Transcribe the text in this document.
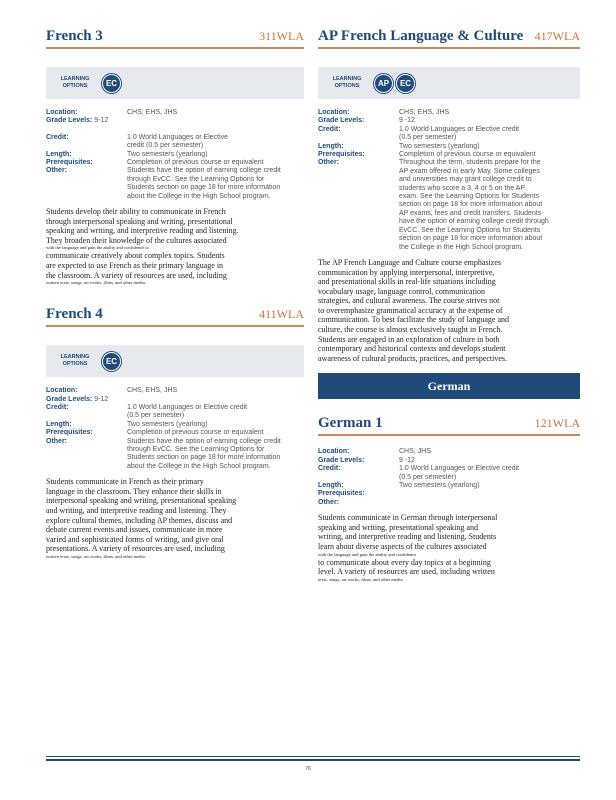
French 3	311WLA
LEARNING OPTIONS	EC
Location:	CHS, EHS, JHS
Grade Levels: 9-12
Credit:	1.0 World Languages or Elective
credit (0.5 per semester)
Length:	Two semesters (yearlong)
Prerequisites:	Completion of previous course or equivalent
Other:	Students have the option of earning college credit
through EvCC. See the Learning Options for
Students section on page 18 for more information
about the College in the High School program.
Students develop their ability to communicate in French
through interpersonal speaking and writing, presentational
speaking and writing, and interpretive reading and listening.
They broaden their knowledge of the cultures associated
with the language and gain the ability and confidence to
communicate creatively about complex topics. Students
are expected to use French as their primary language in
the classroom. A variety of resources are used, including
written texts, songs, art works, films, and other media.
French 4	411WLA
LEARNING OPTIONS	EC
Location:	CHS, EHS, JHS
Grade Levels: 9-12
Credit:	1.0 World Languages or Elective credit
(0.5 per semester)
Length:	Two semesters (yearlong)
Prerequisites:	Completion of previous course or equivalent
Other:	Students have the option of earning college credit
through EvCC. See the Learning Options for
Students section on page 18 for more information
about the College in the High School program.
Students communicate in French as their primary
language in the classroom. They enhance their skills in
interpersonal speaking and writing, presentational speaking
and writing, and interpretive reading and listening. They
explore cultural themes, including AP themes, discuss and
debate current events and issues, communicate in more
varied and sophisticated forms of writing, and give oral
presentations. A variety of resources are used, including
written texts, songs, art works, films, and other media.
AP French Language & Culture 417WLA
LEARNING OPTIONS	AP	EC
Location:	CHS, EHS, JHS
Grade Levels:	9 -12
Credit:	1.0 World Languages or Elective credit
(0.5 per semester)
Length:	Two semesters (yearlong)
Prerequisites:	Completion of previous course or equivalent
Other:	Throughout the term, students prepare for the
AP exam offered in early May. Some colleges
and universities may grant college credit to
students who score a 3, 4 or 5 on the AP
exam. See the Learning Options for Students
section on page 18 for more information about
AP exams, fees and credit transfers. Students
have the option of earning college credit through
EvCC. See the Learning Options for Students
section on page 18 for more information about
the College in the High School program.
The AP French Language and Culture course emphasizes
communication by applying interpersonal, interpretive,
and presentational skills in real-life situations including
vocabulary usage, language control, communication
strategies, and cultural awareness. The course strives not
to overemphasize grammatical accuracy at the expense of
communication. To best facilitate the study of language and
culture, the course is almost exclusively taught in French.
Students are engaged in an exploration of culture in both
contemporary and historical contexts and develops student
awareness of cultural products, practices, and perspectives.
German
German 1	121WLA
Location:	CHS, JHS
Grade Levels:	9 -12
Credit:	1.0 World Languages or Elective credit
(0.5 per semester)
Length:	Two semesters (yearlong)
Prerequisites:
Other:
Students communicate in German through interpersonal
speaking and writing, presentational speaking and
writing, and interpretive reading and listening. Students
learn about diverse aspects of the cultures associated
with the language and gain the ability and confidence
to communicate about every day topics at a beginning
level. A variety of resources are used, including written
texts, songs, art works, films, and other media.
76
